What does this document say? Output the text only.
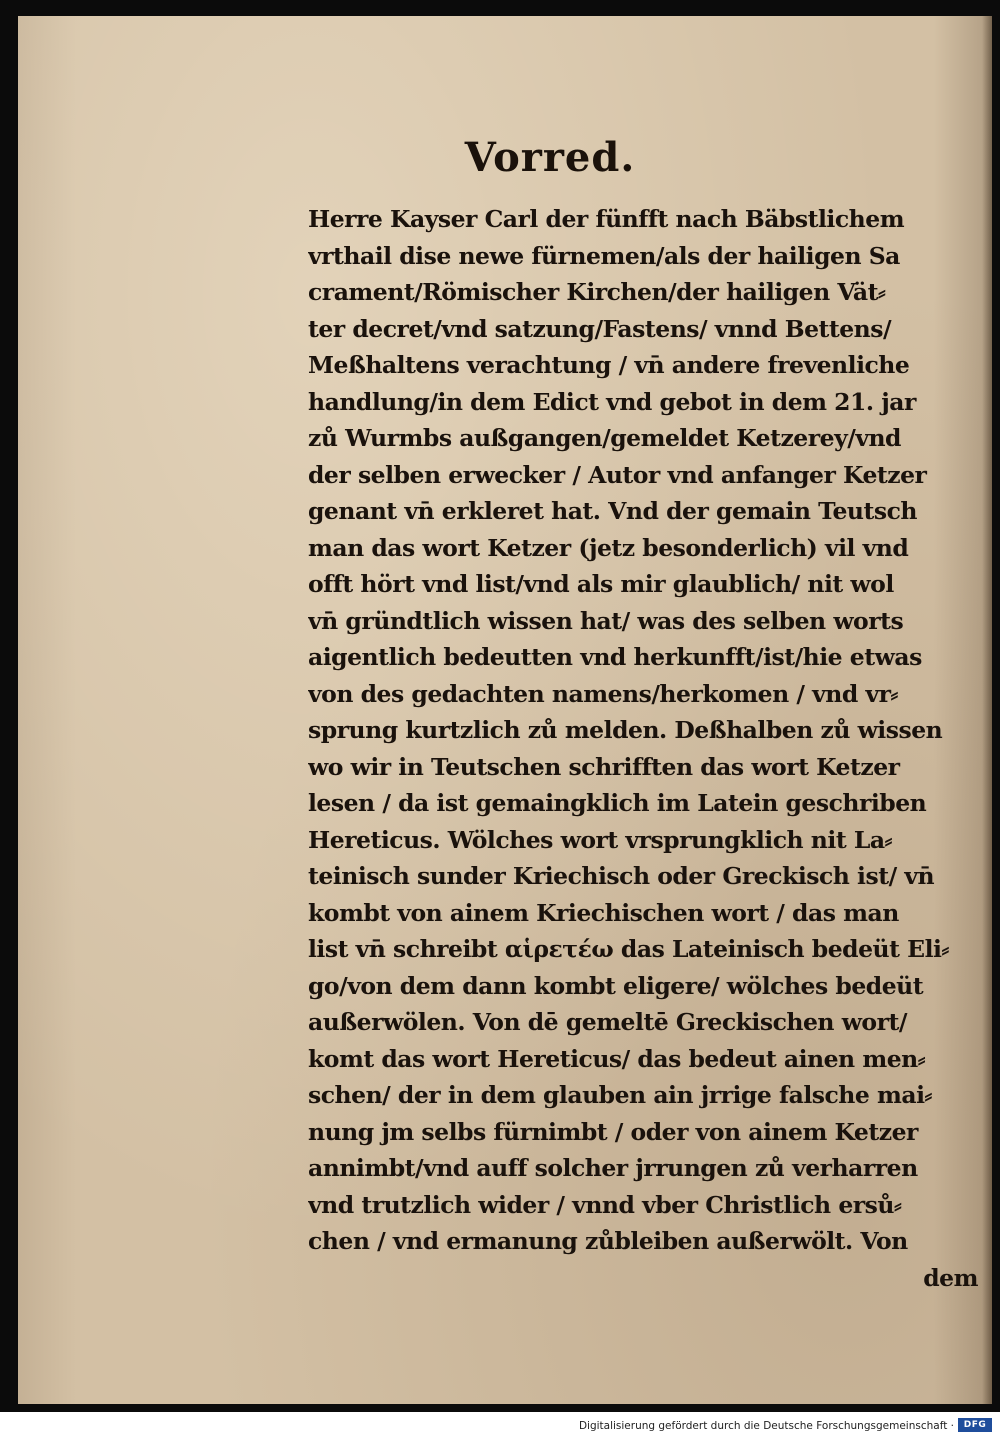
Vorred.
Herre Kayser Carl der fünfft nach Bäbstlichem
vrthail dise newe fürnemen/als der hailigen Sa
crament/Römischer Kirchen/der hailigen Vät⸗
ter decret/vnd satzung/Fastens/ vnnd Bettens/
Meßhaltens verachtung / vn̄ andere frevenliche
handlung/in dem Edict vnd gebot in dem 21. jar
zů Wurmbs außgangen/gemeldet Ketzerey/vnd
der selben erwecker / Autor vnd anfanger Ketzer
genant vn̄ erkleret hat. Vnd der gemain Teutsch
man das wort Ketzer (jetz besonderlich) vil vnd
offt hört vnd list/vnd als mir glaublich/ nit wol
vn̄ gründtlich wissen hat/ was des selben worts
aigentlich bedeutten vnd herkunfft/ist/hie etwas
von des gedachten namens/herkomen / vnd vr⸗
sprung kurtzlich zů melden. Deßhalben zů wissen
wo wir in Teutschen schrifften das wort Ketzer
lesen / da ist gemaingklich im Latein geschriben
Hereticus. Wölches wort vrsprungklich nit La⸗
teinisch sunder Kriechisch oder Greckisch ist/ vn̄
kombt von ainem Kriechischen wort / das man
list vn̄ schreibt αἱρετέω das Lateinisch bedeüt Eli⸗
go/von dem dann kombt eligere/ wölches bedeüt
außerwölen. Von dē gemeltē Greckischen wort/
komt das wort Hereticus/ das bedeut ainen men⸗
schen/ der in dem glauben ain jrrige falsche mai⸗
nung jm selbs fürnimbt / oder von ainem Ketzer
annimbt/vnd auff solcher jrrungen zů verharren
vnd trutzlich wider / vnnd vber Christlich ersů⸗
chen / vnd ermanung zůbleiben außerwölt. Von
dem
Digitalisierung gefördert durch die Deutsche Forschungsgemeinschaft ·	DFG
